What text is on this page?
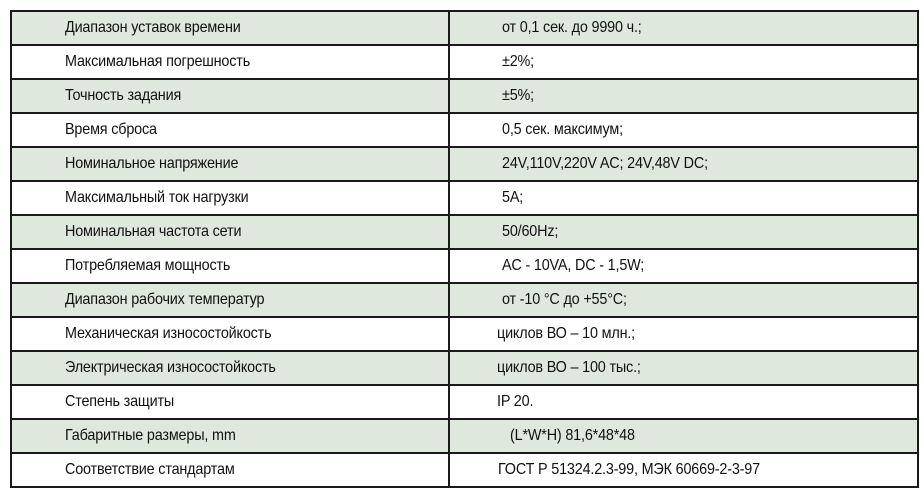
Диапазон уставок времени	от 0,1 сек. до 9990 ч.;
Максимальная погрешность	±2%;
Точность задания	±5%;
Время сброса	0,5 сек. максимум;
Номинальное напряжение	24V,110V,220V AC; 24V,48V DC;
Максимальный ток нагрузки	5A;
Номинальная частота сети	50/60Hz;
Потребляемая мощность	AC - 10VA, DC - 1,5W;
Диапазон рабочих температур	от -10 °C до +55°C;
Механическая износостойкость	циклов ВО – 10 млн.;
Электрическая износостойкость	циклов ВО – 100 тыс.;
Степень защиты	IP 20.
Габаритные размеры, mm	(L*W*H) 81,6*48*48
Соответствие стандартам	ГОСТ Р 51324.2.3-99, МЭК 60669-2-3-97
